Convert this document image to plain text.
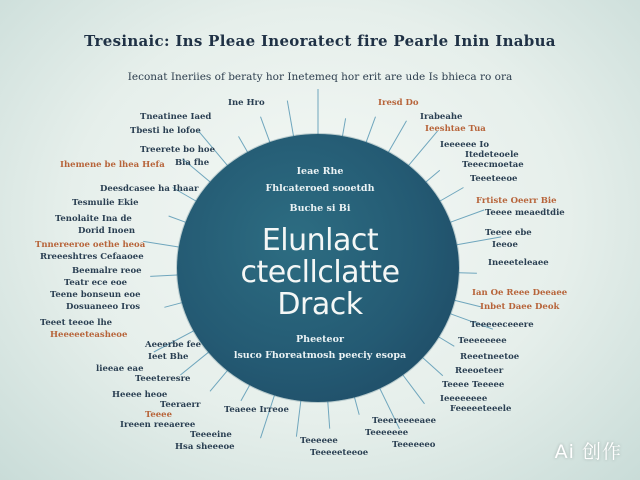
Tresinaic: Ins Pleae Ineoratect fire Pearle Inin Inabua
Ieconat Ineriies of beraty hor Inetemeq hor erit are ude Is bhieca ro ora
Ieae Rhe
Fhlcateroed sooetdh
Buche si Bi
Elunlact
ctecllclatte
Drack
Pheeteor
lsuco Fhoreatmosh peeciy esopa
Ine Hro
Tneatinee Iaed
Tbesti he lofoe
Treerete bo hoe
Bia fhe
Ihemene be lhea Hefa
Deesdcasee ha Ihaar
Tesmulie Ekie
Tenolaite Ina de
Dorid Inoen
Tnnereeroe oethe heoa
Rreeeshtres Cefaaoee
Beemalre reoe
Teatr ece eoe
Teene bonseun eoe
Dosuaneeo Iros
Teeet teeoe lhe
Heeeeeteasheoe
Aeeerbe fee
Ieet Bhe
lieeae eae
Teeeteresre
Heeee heoe
Teeraerr
Teeee
Ireeen reeaeree
Teeeeine
Hsa sheeeoe
Teaeee Irreoe
Iresd Do
Irabeahe
Ieeshtae Tua
Ieeeeee Io
Itedeteoele
Teeecmoetae
Teeeteeoe
Frtiste Oeerr Bie
Teeee meaedtdie
Teeee ebe
Ieeoe
Ineeeteleaee
Ian Oe Reee Deeaee
Inbet Daee Deok
Teeeeeceeere
Teeeeeeee
Reeetneetoe
Reeoeteer
Teeee Teeeee
Ieeeeeeee
Feeeeeteeele
Teeereeeeaee
Teeeeeee
Teeeeeeo
Teeeeee
Teeeeeteeoe	Ai 创作
